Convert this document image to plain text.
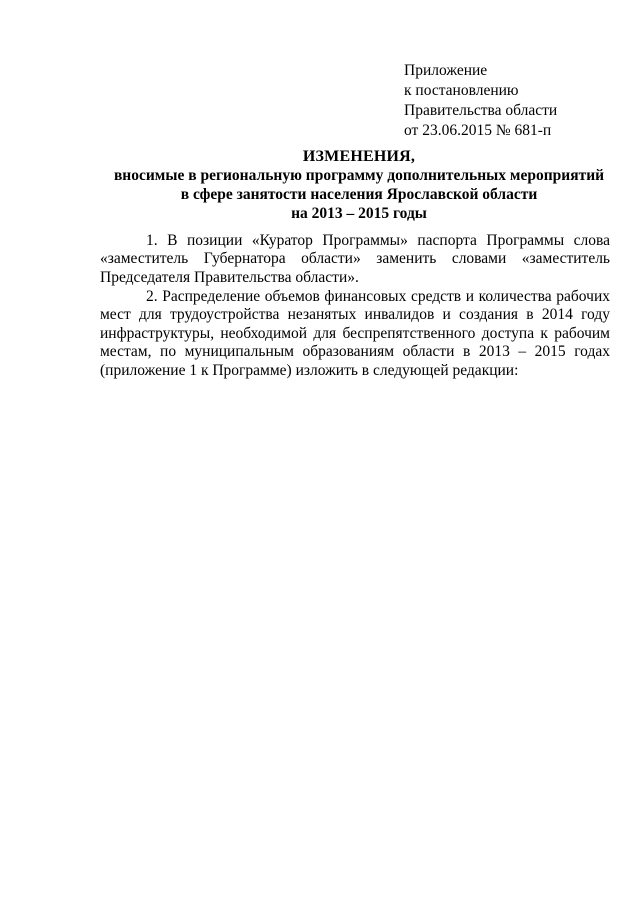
Приложение
к постановлению
Правительства области
от 23.06.2015 № 681-п
ИЗМЕНЕНИЯ,
вносимые в региональную программу дополнительных мероприятий
в сфере занятости населения Ярославской области
на 2013 – 2015 годы
1. В позиции «Куратор Программы» паспорта Программы слова
«заместитель Губернатора области» заменить словами «заместитель
Председателя Правительства области».
2. Распределение объемов финансовых средств и количества рабочих
мест для трудоустройства незанятых инвалидов и создания в 2014 году
инфраструктуры, необходимой для беспрепятственного доступа к рабочим
местам, по муниципальным образованиям области в 2013 – 2015 годах
(приложение 1 к Программе) изложить в следующей редакции:
